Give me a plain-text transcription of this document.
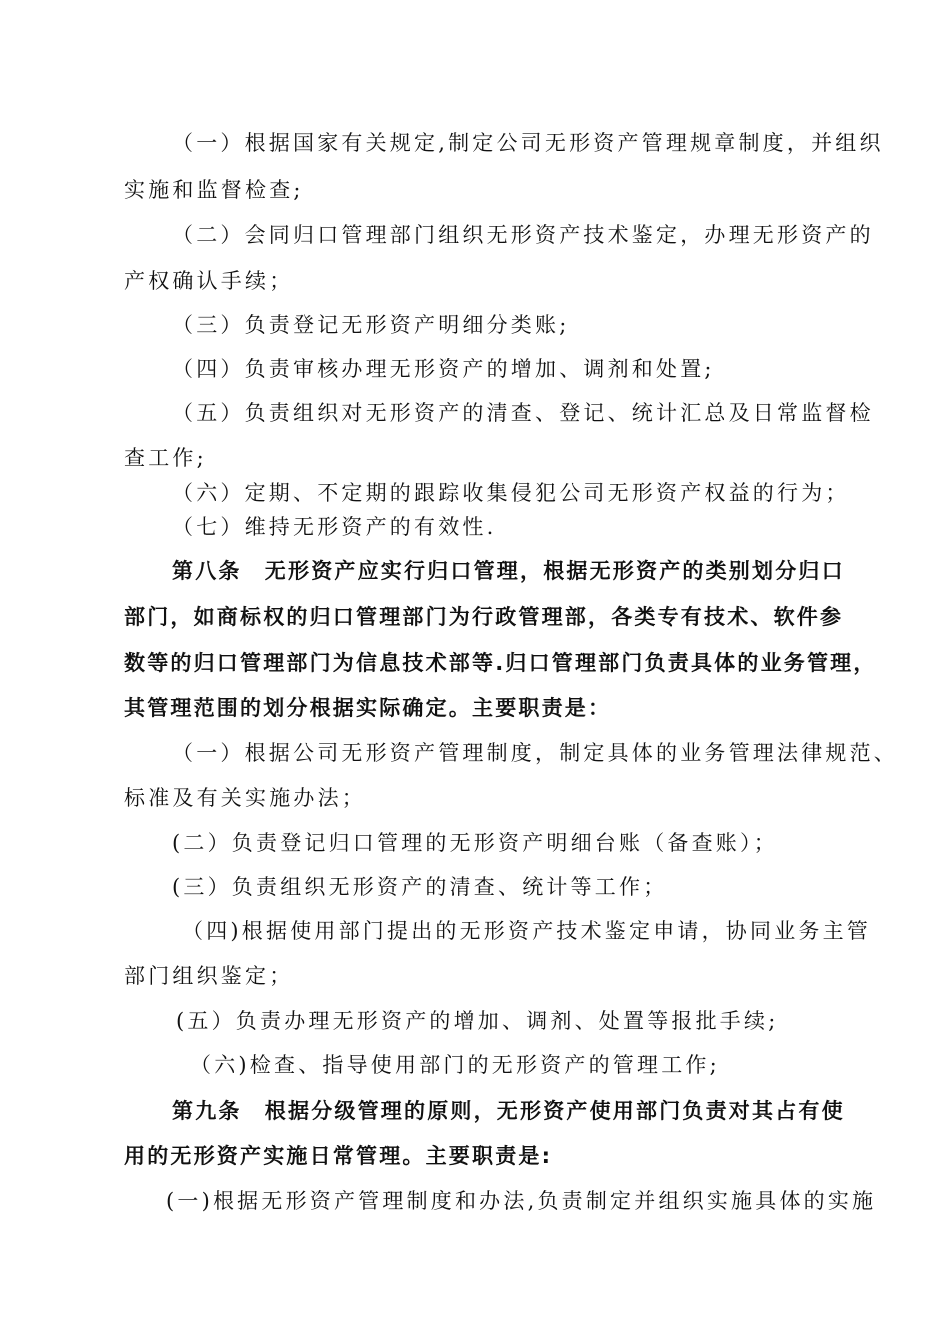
（一）根据国家有关规定,制定公司无形资产管理规章制度，并组织
实施和监督检查;
（二）会同归口管理部门组织无形资产技术鉴定，办理无形资产的
产权确认手续；
（三）负责登记无形资产明细分类账;
（四）负责审核办理无形资产的增加、调剂和处置;
（五）负责组织对无形资产的清查、登记、统计汇总及日常监督检
查工作;
（六）定期、不定期的跟踪收集侵犯公司无形资产权益的行为；
（七）维持无形资产的有效性.
第八条　无形资产应实行归口管理，根据无形资产的类别划分归口
部门，如商标权的归口管理部门为行政管理部，各类专有技术、软件参
数等的归口管理部门为信息技术部等.归口管理部门负责具体的业务管理，
其管理范围的划分根据实际确定。主要职责是：
（一）根据公司无形资产管理制度，制定具体的业务管理法律规范、
标准及有关实施办法；
(二）负责登记归口管理的无形资产明细台账（备查账）；
(三）负责组织无形资产的清查、统计等工作；
（四)根据使用部门提出的无形资产技术鉴定申请，协同业务主管
部门组织鉴定；
(五）负责办理无形资产的增加、调剂、处置等报批手续;
（六)检查、指导使用部门的无形资产的管理工作;
第九条　根据分级管理的原则，无形资产使用部门负责对其占有使
用的无形资产实施日常管理。主要职责是:
(一)根据无形资产管理制度和办法,负责制定并组织实施具体的实施
